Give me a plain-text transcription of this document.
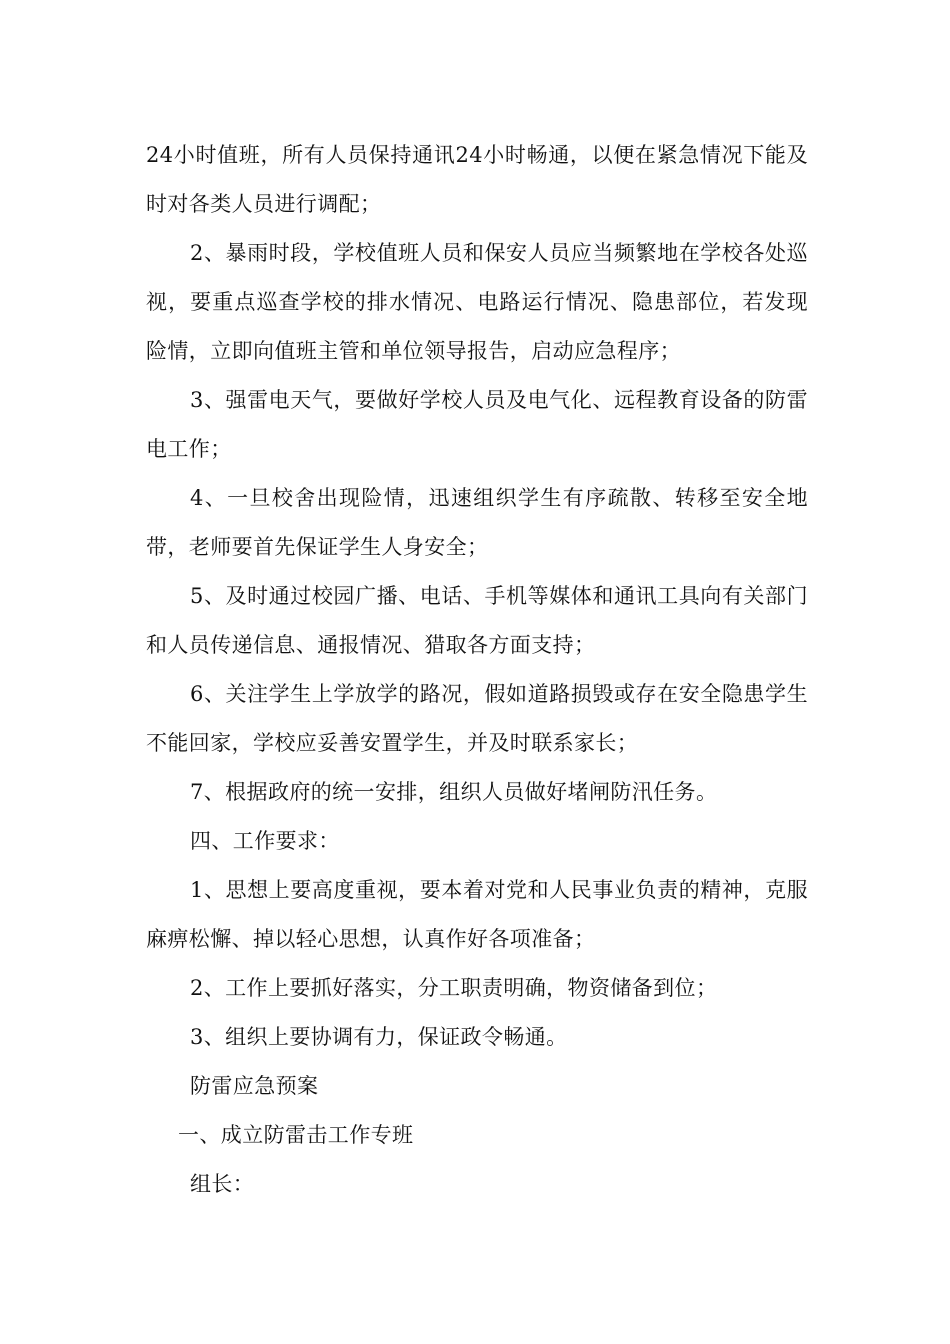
24小时值班，所有人员保持通讯24小时畅通，以便在紧急情况下能及时对各类人员进行调配；

2、暴雨时段，学校值班人员和保安人员应当频繁地在学校各处巡视，要重点巡查学校的排水情况、电路运行情况、隐患部位，若发现险情，立即向值班主管和单位领导报告，启动应急程序；

3、强雷电天气，要做好学校人员及电气化、远程教育设备的防雷电工作；

4、一旦校舍出现险情，迅速组织学生有序疏散、转移至安全地带，老师要首先保证学生人身安全；

5、及时通过校园广播、电话、手机等媒体和通讯工具向有关部门和人员传递信息、通报情况、猎取各方面支持；

6、关注学生上学放学的路况，假如道路损毁或存在安全隐患学生不能回家，学校应妥善安置学生，并及时联系家长；

7、根据政府的统一安排，组织人员做好堵闸防汛任务。

四、工作要求：

1、思想上要高度重视，要本着对党和人民事业负责的精神，克服麻痹松懈、掉以轻心思想，认真作好各项准备；

2、工作上要抓好落实，分工职责明确，物资储备到位；

3、组织上要协调有力，保证政令畅通。

防雷应急预案

一、成立防雷击工作专班

组长：
